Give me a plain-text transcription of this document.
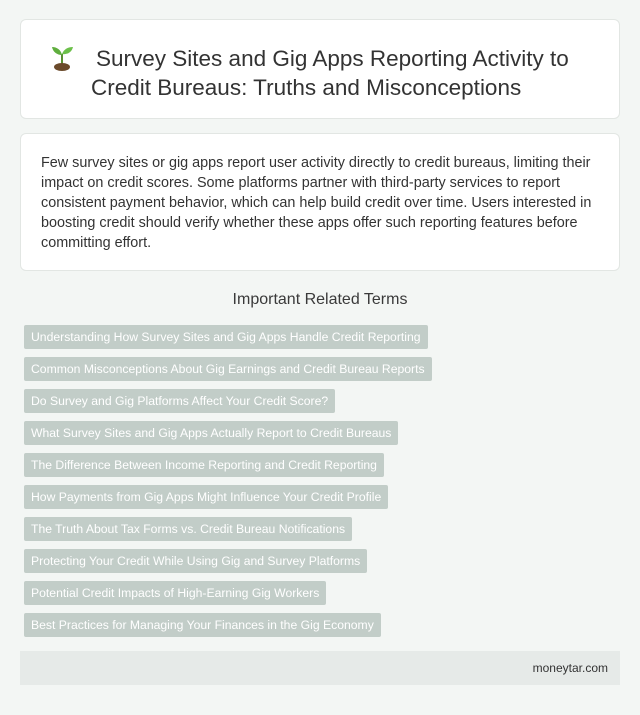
Survey Sites and Gig Apps Reporting Activity to Credit Bureaus: Truths and Misconceptions

Few survey sites or gig apps report user activity directly to credit bureaus, limiting their impact on credit scores. Some platforms partner with third-party services to report consistent payment behavior, which can help build credit over time. Users interested in boosting credit should verify whether these apps offer such reporting features before committing effort.

Important Related Terms
Understanding How Survey Sites and Gig Apps Handle Credit Reporting
Common Misconceptions About Gig Earnings and Credit Bureau Reports
Do Survey and Gig Platforms Affect Your Credit Score?
What Survey Sites and Gig Apps Actually Report to Credit Bureaus
The Difference Between Income Reporting and Credit Reporting
How Payments from Gig Apps Might Influence Your Credit Profile
The Truth About Tax Forms vs. Credit Bureau Notifications
Protecting Your Credit While Using Gig and Survey Platforms
Potential Credit Impacts of High-Earning Gig Workers
Best Practices for Managing Your Finances in the Gig Economy
moneytar.com
